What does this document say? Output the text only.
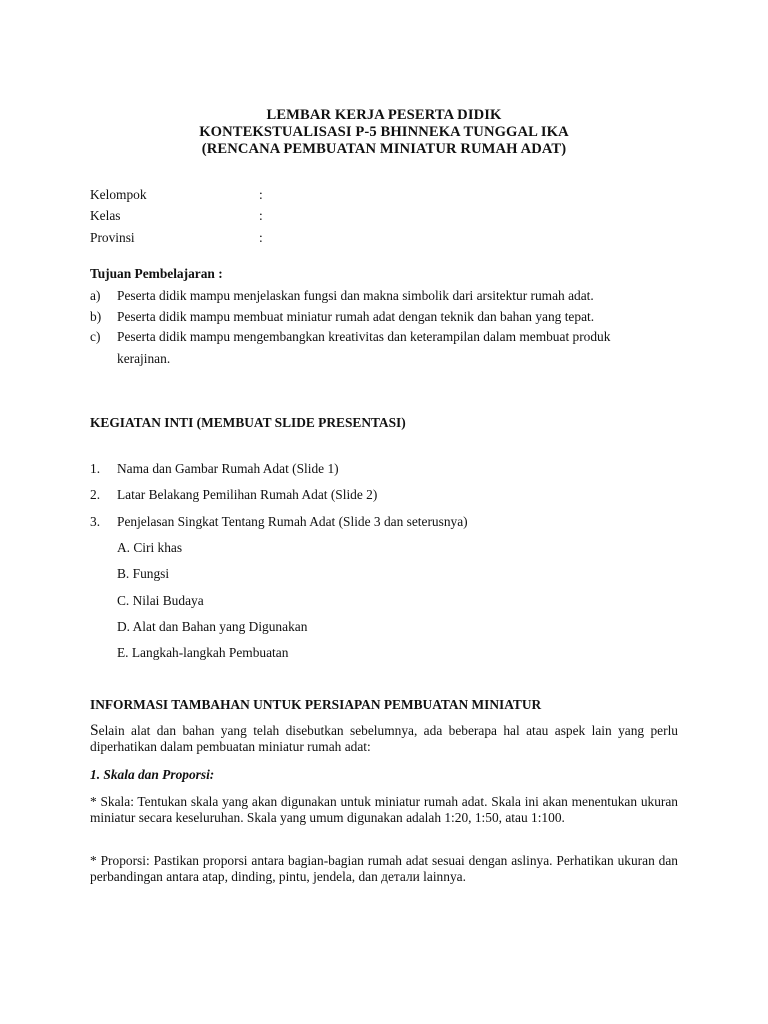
LEMBAR KERJA PESERTA DIDIK
KONTEKSTUALISASI P-5 BHINNEKA TUNGGAL IKA
(RENCANA PEMBUATAN MINIATUR RUMAH ADAT)
Kelompok	:
Kelas	:
Provinsi	:
Tujuan Pembelajaran :
a) Peserta didik mampu menjelaskan fungsi dan makna simbolik dari arsitektur rumah adat.
b) Peserta didik mampu membuat miniatur rumah adat dengan teknik dan bahan yang tepat.
c) Peserta didik mampu mengembangkan kreativitas dan keterampilan dalam membuat produk
kerajinan.
KEGIATAN INTI (MEMBUAT SLIDE PRESENTASI)
1. Nama dan Gambar Rumah Adat (Slide 1)
2. Latar Belakang Pemilihan Rumah Adat (Slide 2)
3. Penjelasan Singkat Tentang Rumah Adat (Slide 3 dan seterusnya)
A. Ciri khas
B. Fungsi
C. Nilai Budaya
D. Alat dan Bahan yang Digunakan
E. Langkah-langkah Pembuatan
INFORMASI TAMBAHAN UNTUK PERSIAPAN PEMBUATAN MINIATUR
Selain alat dan bahan yang telah disebutkan sebelumnya, ada beberapa hal atau aspek lain yang perlu diperhatikan dalam pembuatan miniatur rumah adat:
1. Skala dan Proporsi:
* Skala: Tentukan skala yang akan digunakan untuk miniatur rumah adat. Skala ini akan menentukan ukuran miniatur secara keseluruhan. Skala yang umum digunakan adalah 1:20, 1:50, atau 1:100.
* Proporsi: Pastikan proporsi antara bagian-bagian rumah adat sesuai dengan aslinya. Perhatikan ukuran dan perbandingan antara atap, dinding, pintu, jendela, dan детали lainnya.
